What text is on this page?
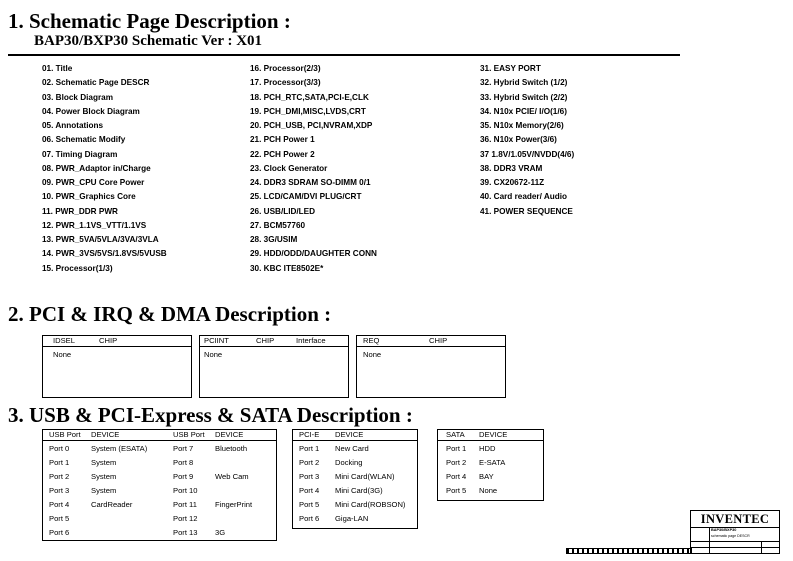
1. Schematic Page Description :
BAP30/BXP30 Schematic Ver : X01
01. Title
02. Schematic Page DESCR
03. Block Diagram
04. Power Block Diagram
05. Annotations
06. Schematic Modify
07. Timing Diagram
08. PWR_Adaptor in/Charge
09. PWR_CPU Core Power
10. PWR_Graphics Core
11. PWR_DDR PWR
12. PWR_1.1VS_VTT/1.1VS
13. PWR_5VA/5VLA/3VA/3VLA
14. PWR_3VS/5VS/1.8VS/5VUSB
15. Processor(1/3)
16. Processor(2/3)
17. Processor(3/3)
18. PCH_RTC,SATA,PCI-E,CLK
19. PCH_DMI,MISC,LVDS,CRT
20. PCH_USB, PCI,NVRAM,XDP
21. PCH Power 1
22. PCH Power 2
23. Clock Generator
24. DDR3 SDRAM SO-DIMM 0/1
25. LCD/CAM/DVI PLUG/CRT
26. USB/LID/LED
27. BCM57760
28. 3G/USIM
29. HDD/ODD/DAUGHTER CONN
30. KBC ITE8502E*
31. EASY PORT
32. Hybrid Switch (1/2)
33. Hybrid Switch (2/2)
34. N10x PCIE/ I/O(1/6)
35. N10x Memory(2/6)
36. N10x Power(3/6)
37 1.8V/1.05V/NVDD(4/6)
38. DDR3 VRAM
39. CX20672-11Z
40. Card reader/ Audio
41. POWER SEQUENCE
2. PCI & IRQ & DMA Description :
IDSEL	CHIP
None
PCIINT	CHIP	Interface
None
REQ	CHIP
None
3. USB & PCI-Express & SATA Description :
USB Port DEVICE	USB Port DEVICE
Port 0	System (ESATA)	Port 7	Bluetooth
Port 1	System	Port 8
Port 2	System	Port 9	Web Cam
Port 3	System	Port 10
Port 4	CardReader	Port 11 FingerPrint
Port 5	Port 12
Port 6	Port 13 3G
PCI-E DEVICE
Port 1 New Card
Port 2 Docking
Port 3 Mini Card(WLAN)
Port 4 Mini Card(3G)
Port 5 Mini Card(ROBSON)
Port 6 Giga-LAN
SATA DEVICE
Port 1 HDD
Port 2 E-SATA
Port 4 BAY
Port 5 None
INVENTEC
BAP30/BXP30
schematic page DESCR
